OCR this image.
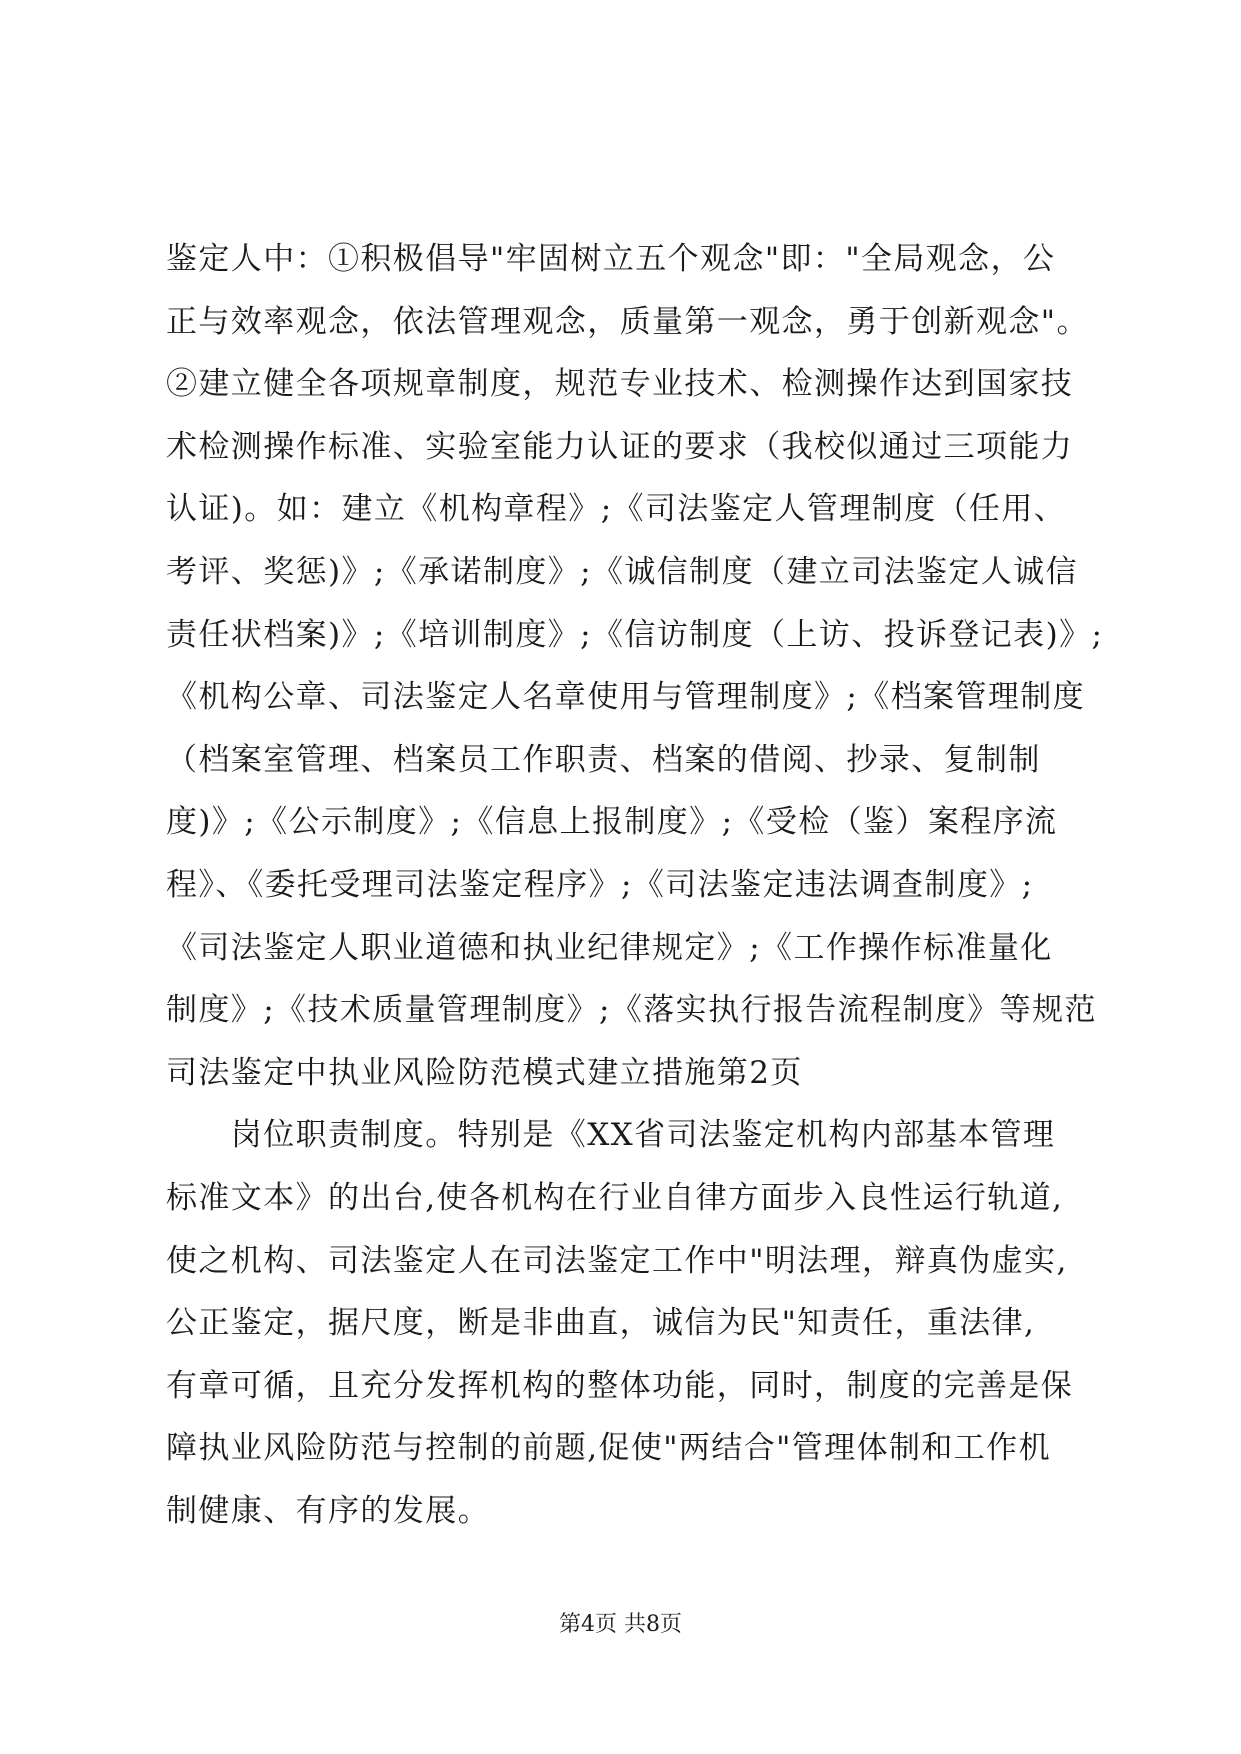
鉴定人中：①积极倡导"牢固树立五个观念"即："全局观念，公
正与效率观念，依法管理观念，质量第一观念，勇于创新观念"。
②建立健全各项规章制度，规范专业技术、检测操作达到国家技
术检测操作标准、实验室能力认证的要求（我校似通过三项能力
认证)。如：建立《机构章程》;《司法鉴定人管理制度（任用、
考评、奖惩)》;《承诺制度》;《诚信制度（建立司法鉴定人诚信
责任状档案)》;《培训制度》;《信访制度（上访、投诉登记表)》;
《机构公章、司法鉴定人名章使用与管理制度》;《档案管理制度
（档案室管理、档案员工作职责、档案的借阅、抄录、复制制
度)》;《公示制度》;《信息上报制度》;《受检（鉴）案程序流
程》、《委托受理司法鉴定程序》;《司法鉴定违法调查制度》;
《司法鉴定人职业道德和执业纪律规定》;《工作操作标准量化
制度》;《技术质量管理制度》;《落实执行报告流程制度》等规范
司法鉴定中执业风险防范模式建立措施第2页
　　岗位职责制度。特别是《XX省司法鉴定机构内部基本管理
标准文本》的出台,使各机构在行业自律方面步入良性运行轨道,
使之机构、司法鉴定人在司法鉴定工作中"明法理，辩真伪虚实,
公正鉴定，据尺度，断是非曲直，诚信为民"知责任，重法律,
有章可循，且充分发挥机构的整体功能，同时，制度的完善是保
障执业风险防范与控制的前题,促使"两结合"管理体制和工作机
制健康、有序的发展。
第4页 共8页
